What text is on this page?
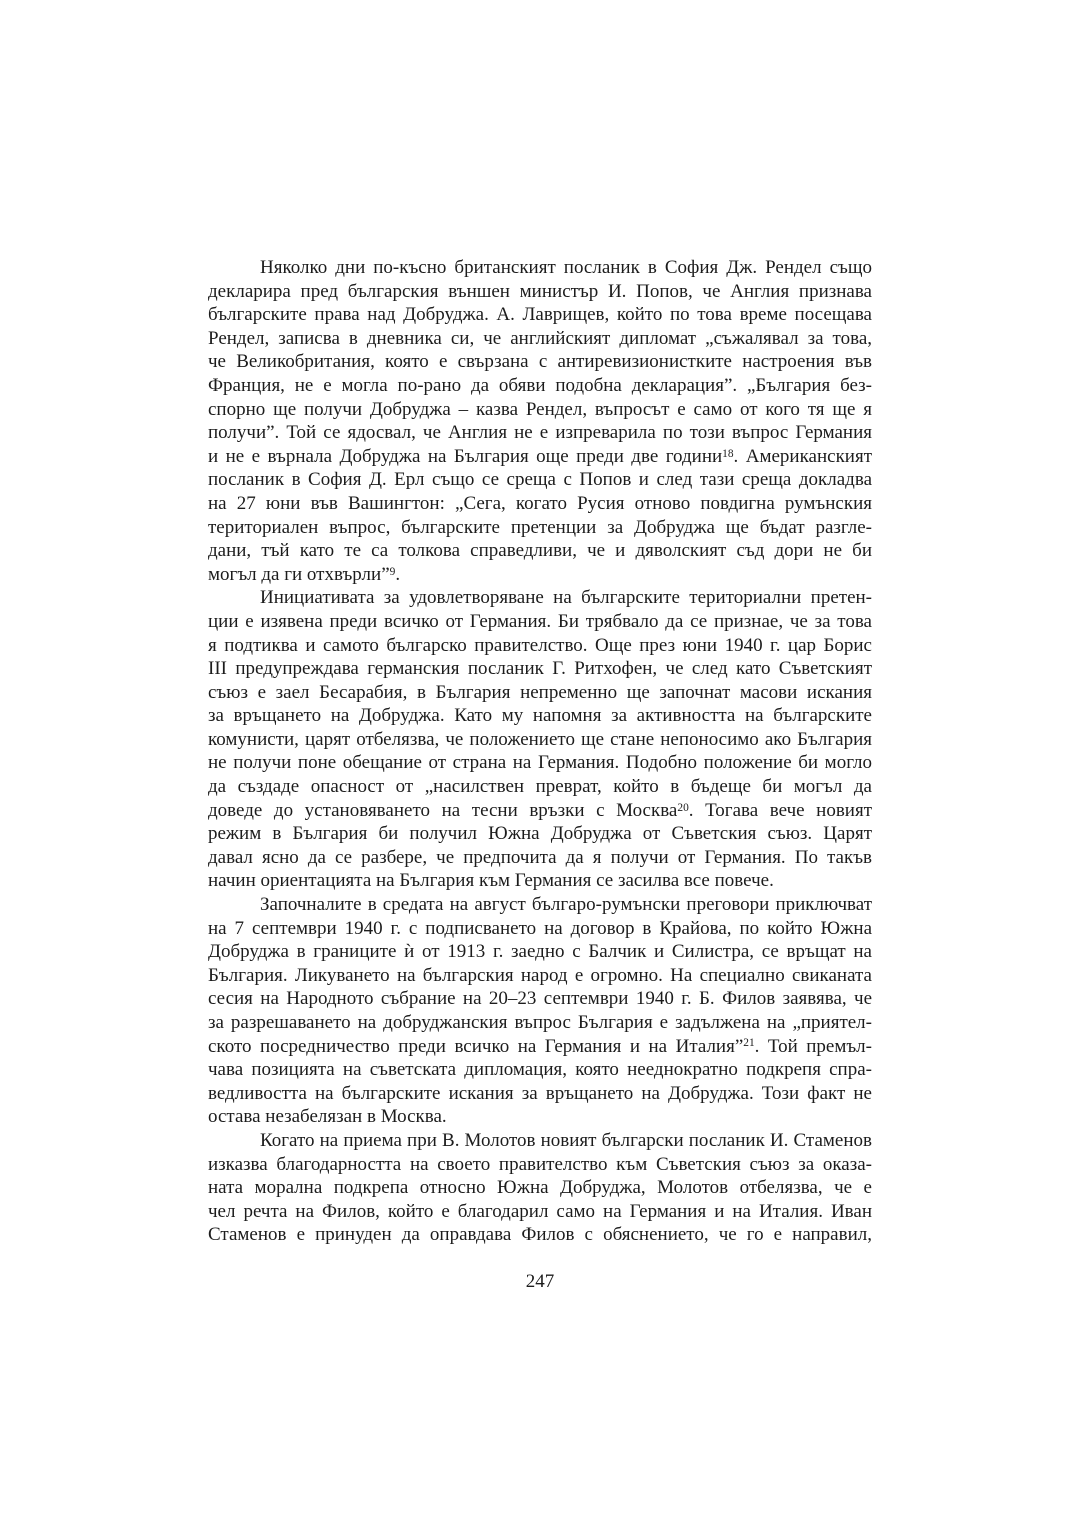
Няколко дни по-късно британският посланик в София Дж. Рендел също
декларира пред българския външен министър И. Попов, че Англия признава
българските права над Добруджа. А. Лаврищев, който по това време посещава
Рендел, записва в дневника си, че английският дипломат „съжалявал за това,
че Великобритания, която е свързана с антиревизионистките настроения във
Франция, не е могла по-рано да обяви подобна декларация”. „България без-
спорно ще получи Добруджа – казва Рендел, въпросът е само от кого тя ще я
получи”. Той се ядосвал, че Англия не е изпреварила по този въпрос Германия
и не е върнала Добруджа на България още преди две години$^{18}$. Американският
посланик в София Д. Ерл също се среща с Попов и след тази среща докладва
на 27 юни във Вашингтон: „Сега, когато Русия отново повдигна румънския
териториален въпрос, българските претенции за Добруджа ще бъдат разгле-
дани, тъй като те са толкова справедливи, че и дяволският съд дори не би
могъл да ги отхвърли”$^9$.
Инициативата за удовлетворяване на българските териториални претен-
ции е изявена преди всичко от Германия. Би трябвало да се признае, че за това
я подтиква и самото българско правителство. Още през юни 1940 г. цар Борис
III предупреждава германския посланик Г. Ритхофен, че след като Съветският
съюз е заел Бесарабия, в България непременно ще започнат масови искания
за връщането на Добруджа. Като му напомня за активността на българските
комунисти, царят отбелязва, че положението ще стане непоносимо ако България
не получи поне обещание от страна на Германия. Подобно положение би могло
да създаде опасност от „насилствен преврат, който в бъдеще би могъл да
доведе до установяването на тесни връзки с Москва$^{20}$. Тогава вече новият
режим в България би получил Южна Добруджа от Съветския съюз. Царят
давал ясно да се разбере, че предпочита да я получи от Германия. По такъв
начин ориентацията на България към Германия се засилва все повече.
Започналите в средата на август българо-румънски преговори приключват
на 7 септември 1940 г. с подписването на договор в Крайова, по който Южна
Добруджа в границите ѝ от 1913 г. заедно с Балчик и Силистра, се връщат на
България. Ликуването на българския народ е огромно. На специално свиканата
сесия на Народното събрание на 20–23 септември 1940 г. Б. Филов заявява, че
за разрешаването на добруджанския въпрос България е задължена на „приятел-
ското посредничество преди всичко на Германия и на Италия”$^{21}$. Той премъл-
чава позицията на съветската дипломация, която нееднократно подкрепя спра-
ведливостта на българските искания за връщането на Добруджа. Този факт не
остава незабелязан в Москва.
Когато на приема при В. Молотов новият български посланик И. Стаменов
изказва благодарността на своето правителство към Съветския съюз за оказа-
ната морална подкрепа относно Южна Добруджа, Молотов отбелязва, че е
чел речта на Филов, който е благодарил само на Германия и на Италия. Иван
Стаменов е принуден да оправдава Филов с обяснението, че го е направил,
247
